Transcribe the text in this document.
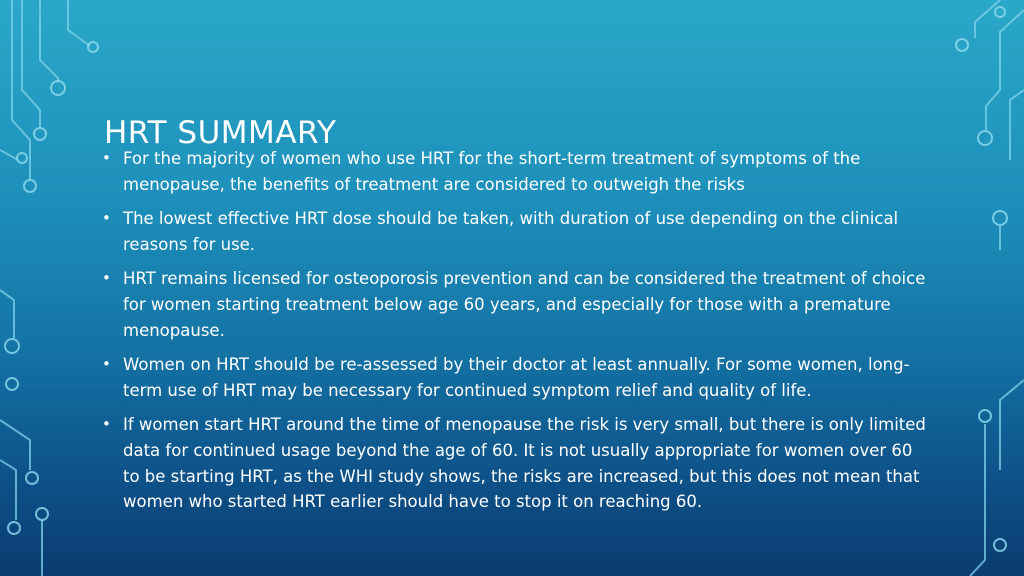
HRT SUMMARY
• For the majority of women who use HRT for the short-term treatment of symptoms of the menopause, the benefits of treatment are considered to outweigh the risks
• The lowest effective HRT dose should be taken, with duration of use depending on the clinical reasons for use.
• HRT remains licensed for osteoporosis prevention and can be considered the treatment of choice for women starting treatment below age 60 years, and especially for those with a premature menopause.
• Women on HRT should be re-assessed by their doctor at least annually. For some women, long-term use of HRT may be necessary for continued symptom relief and quality of life.
• If women start HRT around the time of menopause the risk is very small, but there is only limited data for continued usage beyond the age of 60. It is not usually appropriate for women over 60 to be starting HRT, as the WHI study shows, the risks are increased, but this does not mean that women who started HRT earlier should have to stop it on reaching 60.
